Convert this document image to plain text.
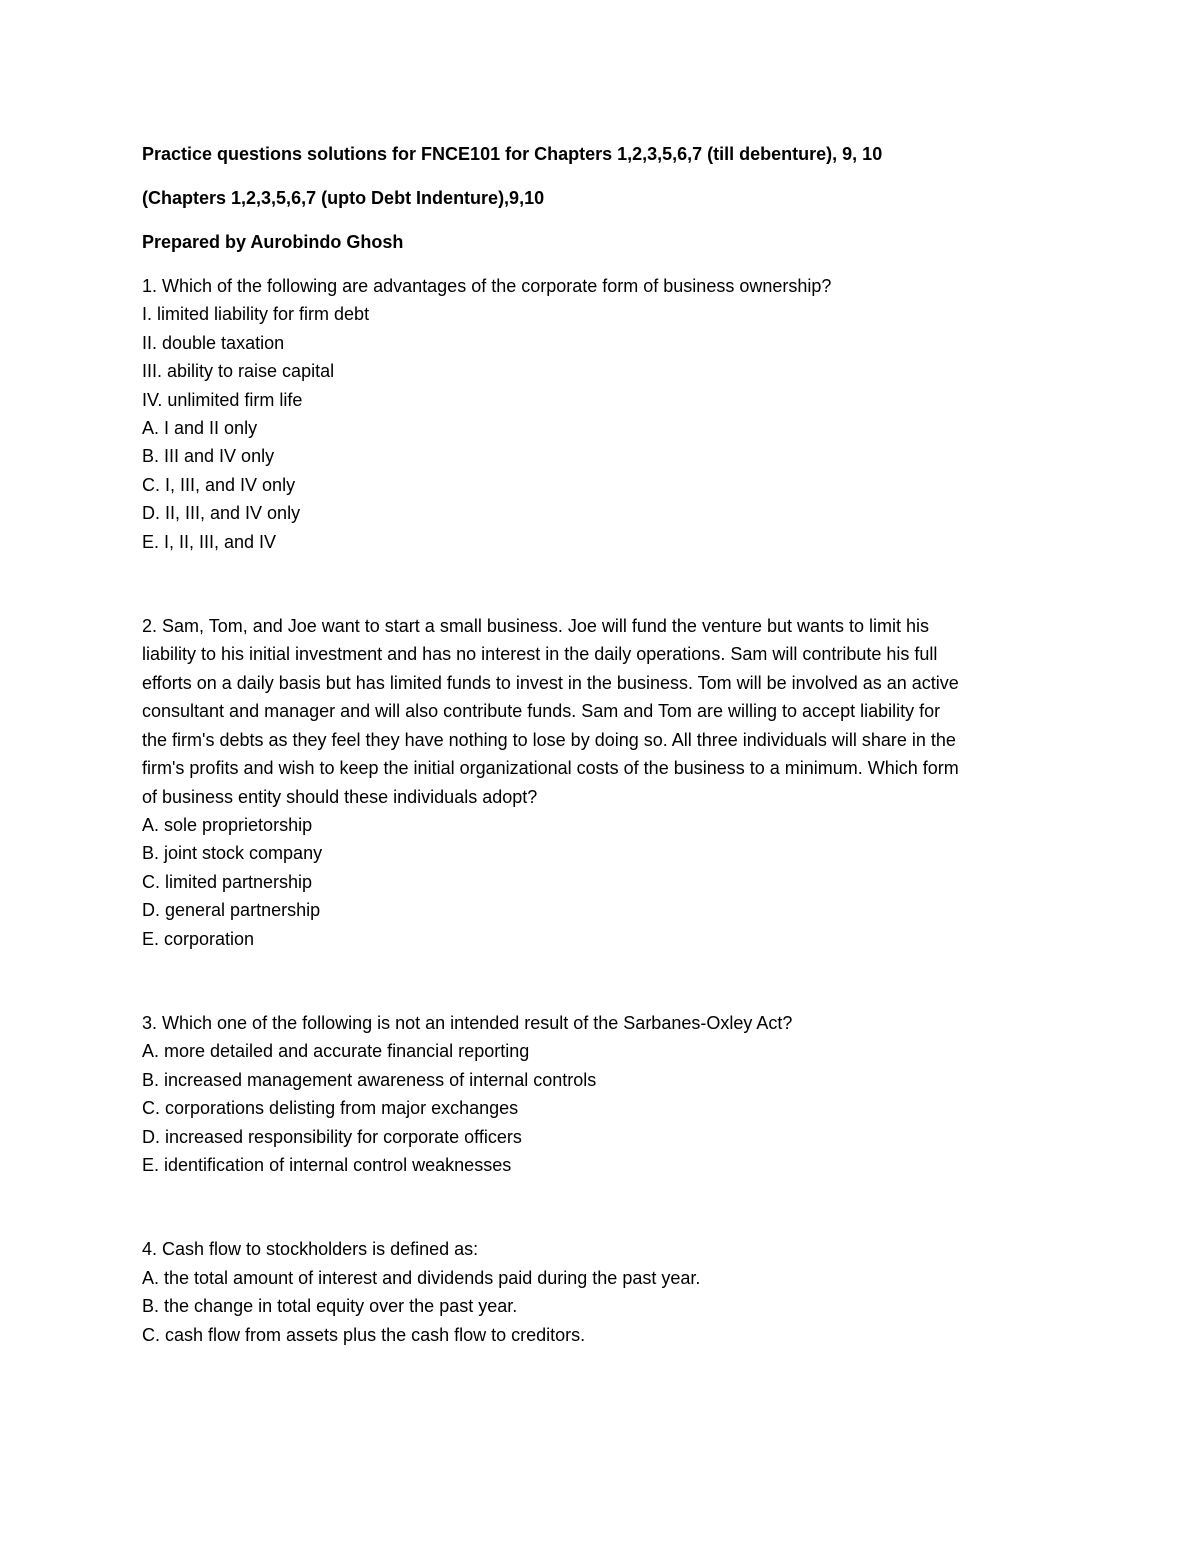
Practice questions solutions for FNCE101 for Chapters 1,2,3,5,6,7 (till debenture), 9, 10
(Chapters 1,2,3,5,6,7 (upto Debt Indenture),9,10
Prepared by Aurobindo Ghosh
1. Which of the following are advantages of the corporate form of business ownership?
I. limited liability for firm debt
II. double taxation
III. ability to raise capital
IV. unlimited firm life
A. I and II only
B. III and IV only
C. I, III, and IV only
D. II, III, and IV only
E. I, II, III, and IV
2. Sam, Tom, and Joe want to start a small business. Joe will fund the venture but wants to limit his
liability to his initial investment and has no interest in the daily operations. Sam will contribute his full
efforts on a daily basis but has limited funds to invest in the business. Tom will be involved as an active
consultant and manager and will also contribute funds. Sam and Tom are willing to accept liability for
the firm's debts as they feel they have nothing to lose by doing so. All three individuals will share in the
firm's profits and wish to keep the initial organizational costs of the business to a minimum. Which form
of business entity should these individuals adopt?
A. sole proprietorship
B. joint stock company
C. limited partnership
D. general partnership
E. corporation
3. Which one of the following is not an intended result of the Sarbanes-Oxley Act?
A. more detailed and accurate financial reporting
B. increased management awareness of internal controls
C. corporations delisting from major exchanges
D. increased responsibility for corporate officers
E. identification of internal control weaknesses
4. Cash flow to stockholders is defined as:
A. the total amount of interest and dividends paid during the past year.
B. the change in total equity over the past year.
C. cash flow from assets plus the cash flow to creditors.
